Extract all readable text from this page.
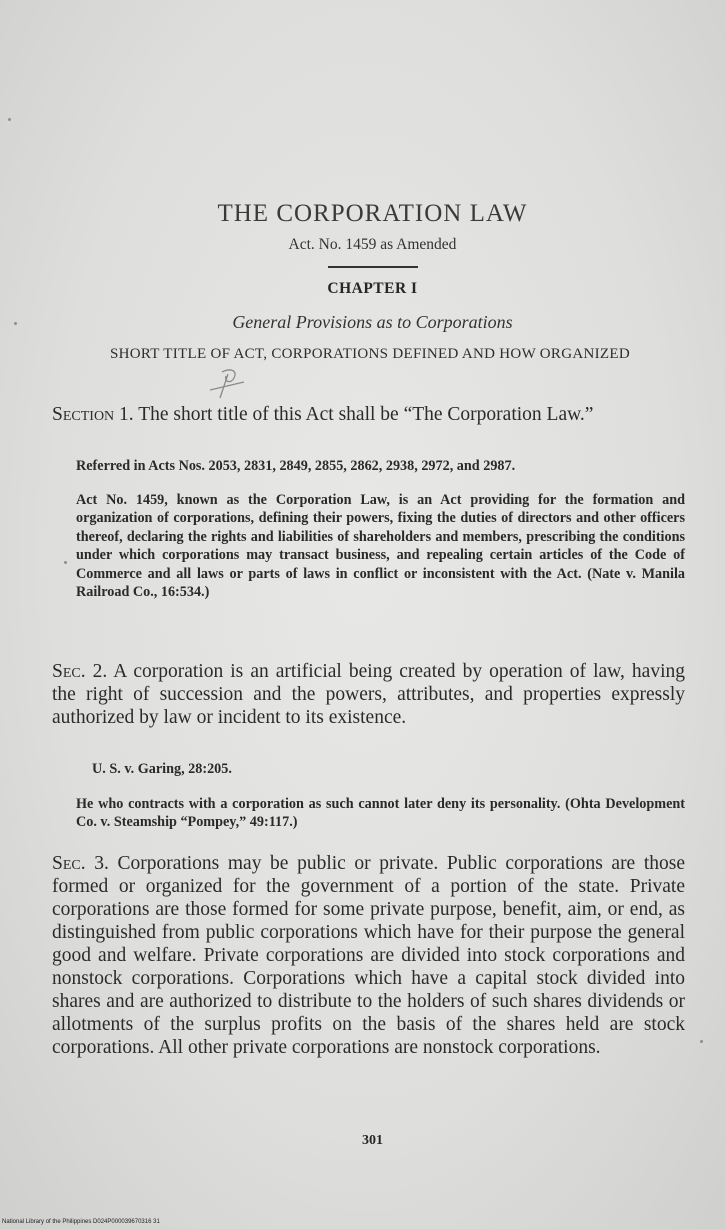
THE CORPORATION LAW
Act. No. 1459 as Amended
CHAPTER I
General Provisions as to Corporations
SHORT TITLE OF ACT, CORPORATIONS DEFINED AND HOW ORGANIZED
Section 1. The short title of this Act shall be “The Corporation Law.”
Referred in Acts Nos. 2053, 2831, 2849, 2855, 2862, 2938, 2972, and 2987.
Act No. 1459, known as the Corporation Law, is an Act providing for the formation and organization of corporations, defining their powers, fixing the duties of directors and other officers thereof, declaring the rights and liabilities of shareholders and members, prescribing the conditions under which corporations may transact business, and repealing certain articles of the Code of Commerce and all laws or parts of laws in conflict or inconsistent with the Act. (Nate v. Manila Railroad Co., 16:534.)
Sec. 2. A corporation is an artificial being created by operation of law, having the right of succession and the powers, attributes, and properties expressly authorized by law or incident to its existence.
U. S. v. Garing, 28:205.
He who contracts with a corporation as such cannot later deny its personality. (Ohta Development Co. v. Steamship “Pompey,” 49:117.)
Sec. 3. Corporations may be public or private. Public corporations are those formed or organized for the government of a portion of the state. Private corporations are those formed for some private purpose, benefit, aim, or end, as distinguished from public corporations which have for their purpose the general good and welfare. Private corporations are divided into stock corporations and nonstock corporations. Corporations which have a capital stock divided into shares and are authorized to distribute to the holders of such shares dividends or allotments of the surplus profits on the basis of the shares held are stock corporations. All other private corporations are nonstock corporations.
301
National Library of the Philippines D024P000039670316 31
